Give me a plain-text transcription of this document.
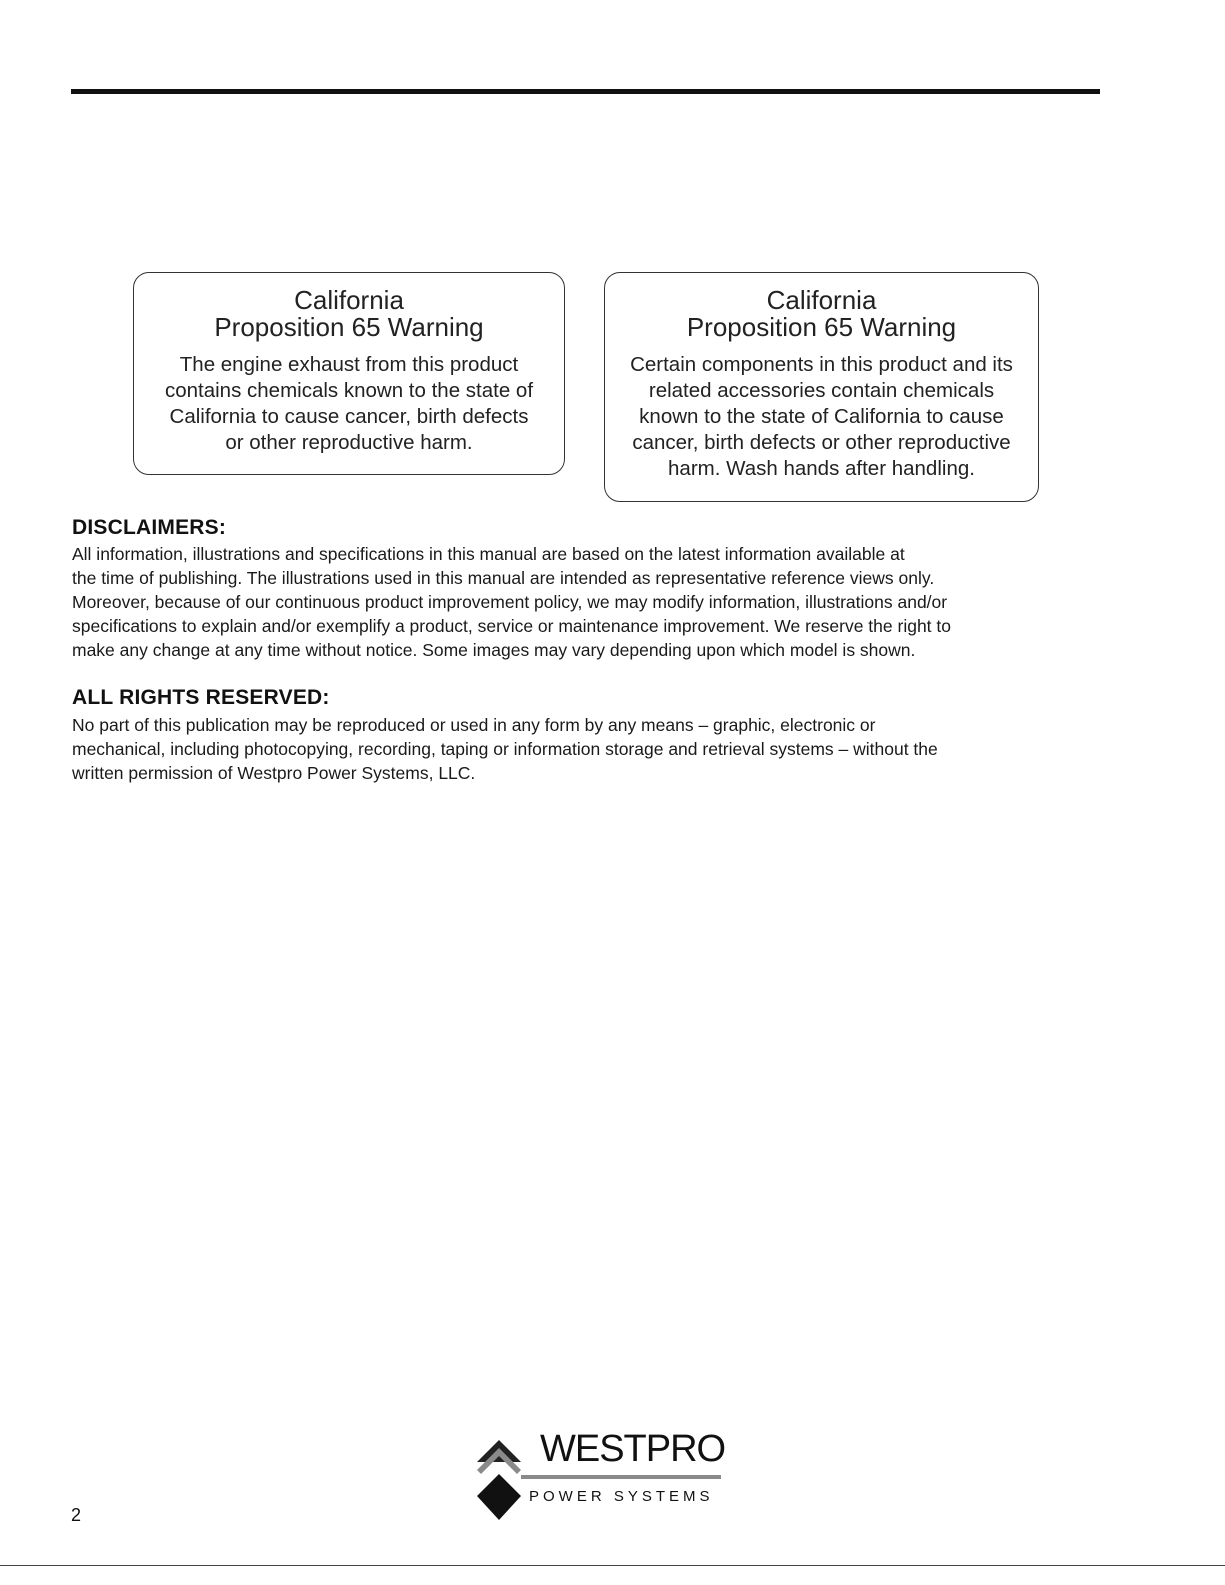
California

Proposition 65 Warning

The engine exhaust from this product
contains chemicals known to the state of
California to cause cancer, birth defects
or other reproductive harm.

California

Proposition 65 Warning

Certain components in this product and its
related accessories contain chemicals
known to the state of California to cause
cancer, birth defects or other reproductive
harm. Wash hands after handling.

DISCLAIMERS:

All information, illustrations and specifications in this manual are based on the latest information available at
the time of publishing. The illustrations used in this manual are intended as representative reference views only.
Moreover, because of our continuous product improvement policy, we may modify information, illustrations and/or
specifications to explain and/or exemplify a product, service or maintenance improvement. We reserve the right to
make any change at any time without notice. Some images may vary depending upon which model is shown.

ALL RIGHTS RESERVED:

No part of this publication may be reproduced or used in any form by any means – graphic, electronic or
mechanical, including photocopying, recording, taping or information storage and retrieval systems – without the
written permission of Westpro Power Systems, LLC.

2
WESTPRO
POWER SYSTEMS
